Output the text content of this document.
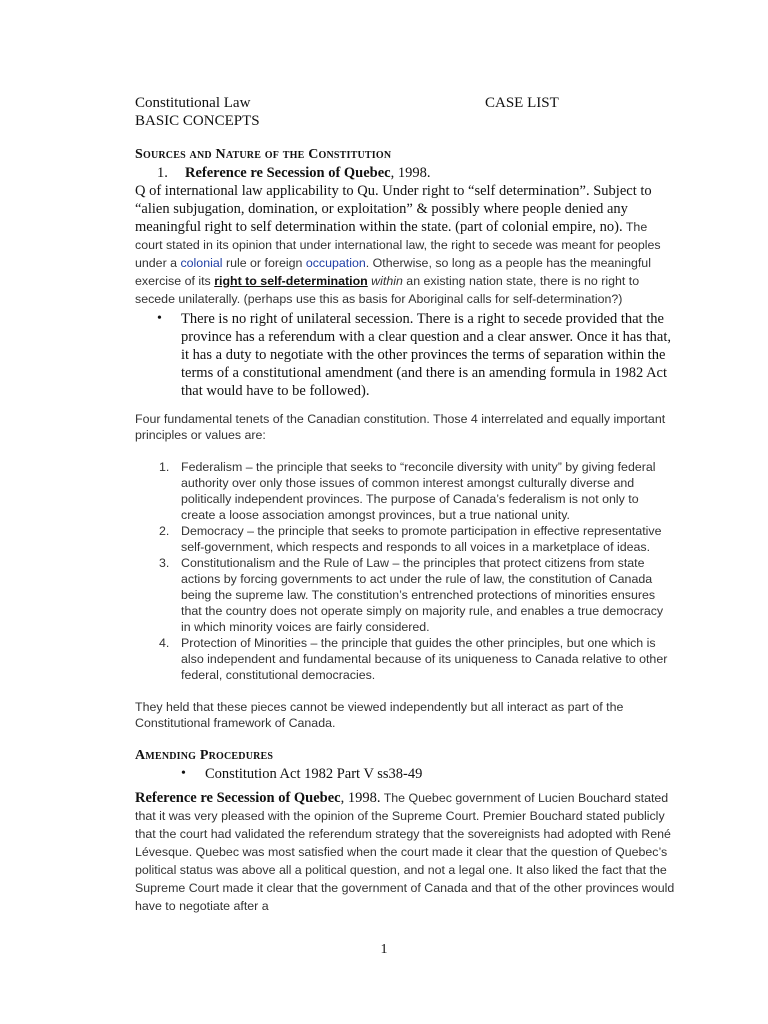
Constitutional Law
BASIC CONCEPTS
CASE LIST
Sources and Nature of the Constitution
1.	Reference re Secession of Quebec, 1998.
Q of international law applicability to Qu. Under right to “self determination”. Subject to “alien subjugation, domination, or exploitation” & possibly where people denied any meaningful right to self determination within the state. (part of colonial empire, no). The court stated in its opinion that under international law, the right to secede was meant for peoples under a colonial rule or foreign occupation. Otherwise, so long as a people has the meaningful exercise of its right to self-determination within an existing nation state, there is no right to secede unilaterally. (perhaps use this as basis for Aboriginal calls for self-determination?)
•	There is no right of unilateral secession. There is a right to secede provided that the province has a referendum with a clear question and a clear answer. Once it has that, it has a duty to negotiate with the other provinces the terms of separation within the terms of a constitutional amendment (and there is an amending formula in 1982 Act that would have to be followed).
Four fundamental tenets of the Canadian constitution. Those 4 interrelated and equally important principles or values are:
1. Federalism – the principle that seeks to “reconcile diversity with unity” by giving federal authority over only those issues of common interest amongst culturally diverse and politically independent provinces. The purpose of Canada’s federalism is not only to create a loose association amongst provinces, but a true national unity.
2. Democracy – the principle that seeks to promote participation in effective representative self-government, which respects and responds to all voices in a marketplace of ideas.
3. Constitutionalism and the Rule of Law – the principles that protect citizens from state actions by forcing governments to act under the rule of law, the constitution of Canada being the supreme law. The constitution’s entrenched protections of minorities ensures that the country does not operate simply on majority rule, and enables a true democracy in which minority voices are fairly considered.
4. Protection of Minorities – the principle that guides the other principles, but one which is also independent and fundamental because of its uniqueness to Canada relative to other federal, constitutional democracies.
They held that these pieces cannot be viewed independently but all interact as part of the Constitutional framework of Canada.
Amending Procedures
•	Constitution Act 1982 Part V ss38-49
Reference re Secession of Quebec, 1998. The Quebec government of Lucien Bouchard stated that it was very pleased with the opinion of the Supreme Court. Premier Bouchard stated publicly that the court had validated the referendum strategy that the sovereignists had adopted with René Lévesque. Quebec was most satisfied when the court made it clear that the question of Quebec’s political status was above all a political question, and not a legal one. It also liked the fact that the Supreme Court made it clear that the government of Canada and that of the other provinces would have to negotiate after a
1
